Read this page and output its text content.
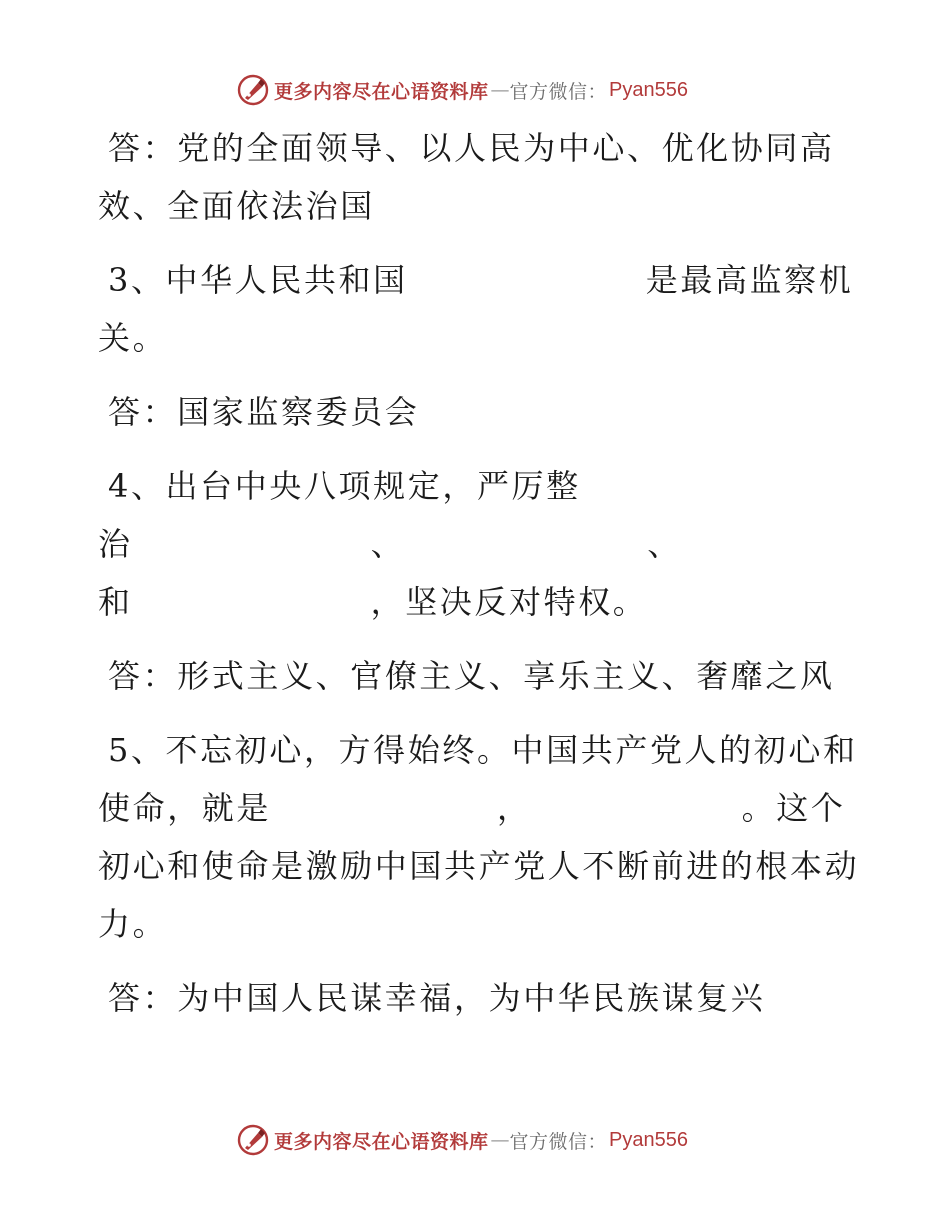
更多内容尽在心语资料库 — 官方微信： Pyan556
答：党的全面领导、以人民为中心、优化协同高
效、全面依法治国
3、中华人民共和国	是最高监察机
关。
答：国家监察委员会
4、出台中央八项规定，严厉整
治	、	、
和	，坚决反对特权。
答：形式主义、官僚主义、享乐主义、奢靡之风
5、不忘初心，方得始终。中国共产党人的初心和
使命，就是	，	。这个
初心和使命是激励中国共产党人不断前进的根本动
力。
答：为中国人民谋幸福，为中华民族谋复兴
更多内容尽在心语资料库 — 官方微信： Pyan556
